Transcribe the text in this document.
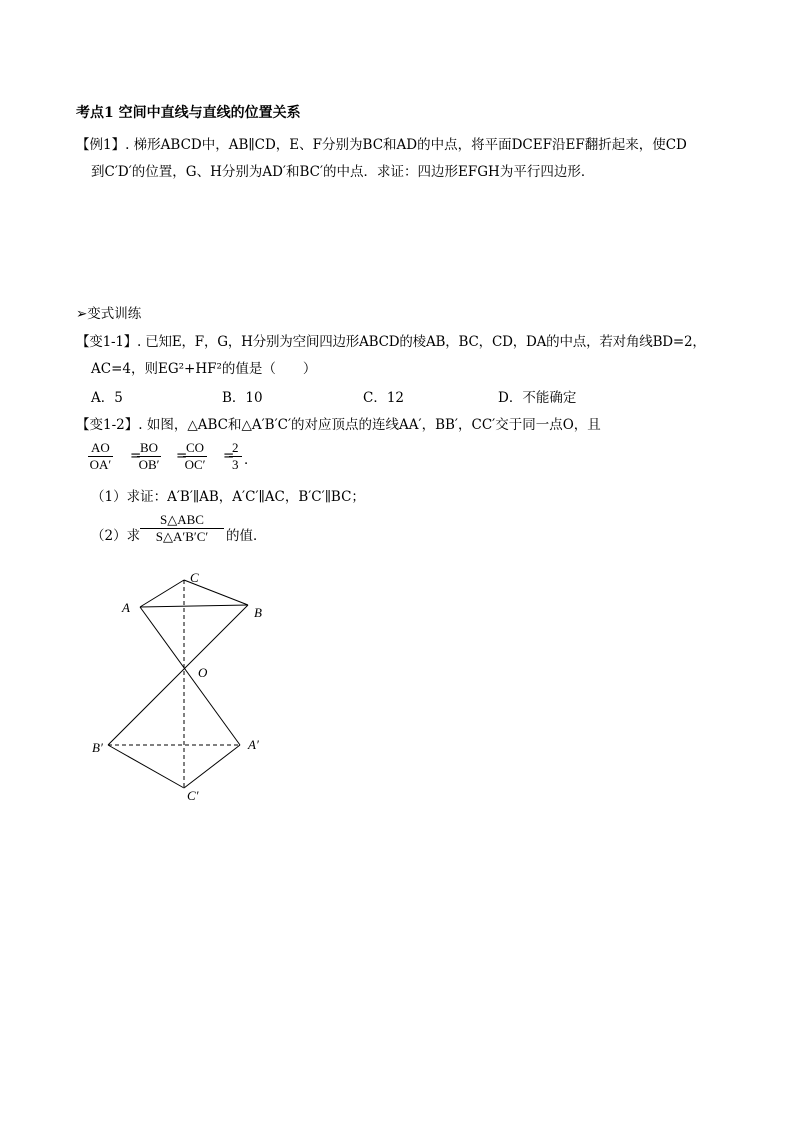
考点1 空间中直线与直线的位置关系
【例1】. 梯形ABCD中，AB∥CD，E、F分别为BC和AD的中点，将平面DCEF沿EF翻折起来，使CD
到C′D′的位置，G、H分别为AD′和BC′的中点．求证：四边形EFGH为平行四边形．
➢变式训练
【变1-1】. 已知E，F，G，H分别为空间四边形ABCD的棱AB，BC，CD，DA的中点，若对角线BD=2，
AC=4，则EG²+HF²的值是（　　）
A．5	B．10	C．12	D．不能确定
【变1-2】. 如图，△ABC和△A′B′C′的对应顶点的连线AA′，BB′，CC′交于同一点O，且
AO
OA′
=
BO
OB′
=
CO
OC′
=
2
3 ．
（1）求证：A′B′∥AB，A′C′∥AC，B′C′∥BC；
（2）求
S△ABC
S△A′B′C′	的值．
C
A	B
O
B′	A′
C′
